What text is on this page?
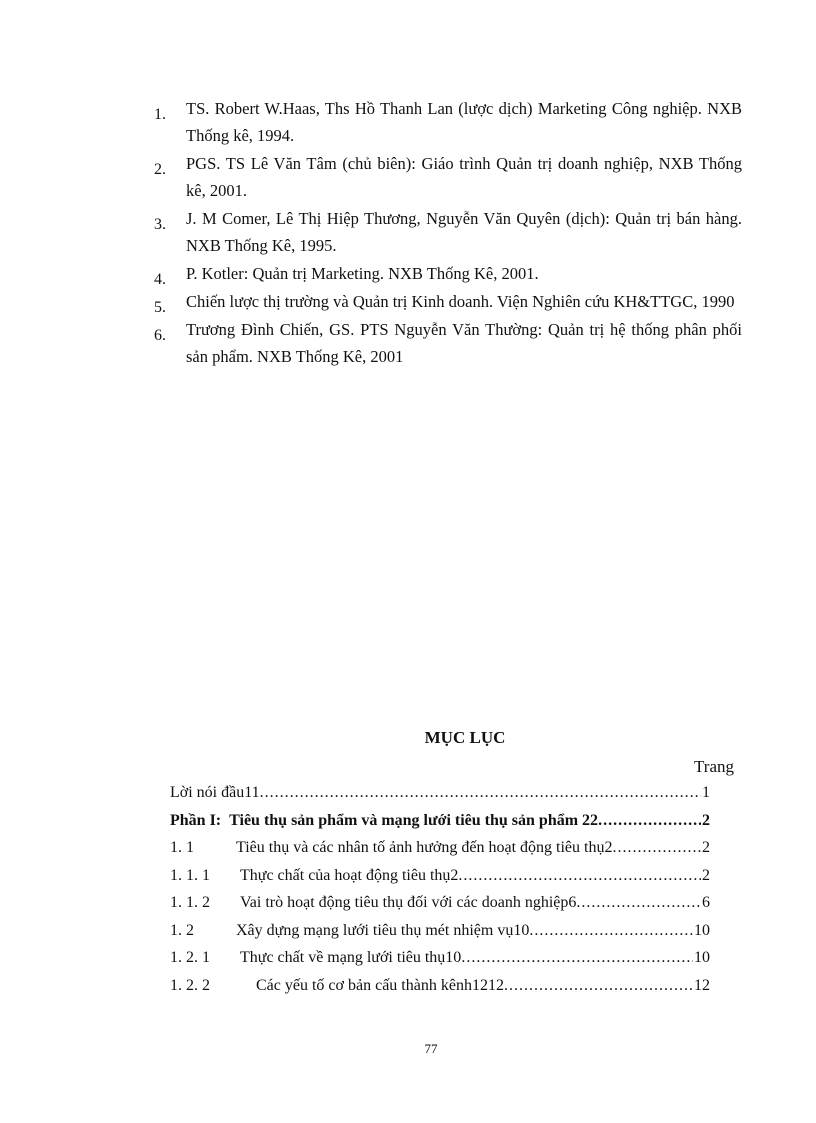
1. TS. Robert W.Haas, Ths Hồ Thanh Lan (lược dịch) Marketing Công nghiệp. NXB Thống kê, 1994.
2. PGS. TS Lê Văn Tâm (chủ biên): Giáo trình Quản trị doanh nghiệp, NXB Thống kê, 2001.
3. J. M Comer, Lê Thị Hiệp Thương, Nguyễn Văn Quyên (dịch): Quản trị bán hàng. NXB Thống Kê, 1995.
4. P. Kotler: Quản trị Marketing. NXB Thống Kê, 2001.
5. Chiến lược thị trường và Quản trị Kinh doanh. Viện Nghiên cứu KH&TTGC, 1990
6. Trương Đình Chiến, GS. PTS Nguyễn Văn Thường: Quản trị hệ thống phân phối sản phẩm. NXB Thống Kê, 2001
MỤC LỤC
Trang
Lời nói đầu11 .....	1
Phần I: Tiêu thụ sản phẩm và mạng lưới tiêu thụ sản phẩm 22 .....	2
1. 1	Tiêu thụ và các nhân tố ảnh hưởng đến hoạt động tiêu thụ2 .....	2
1. 1. 1	Thực chất của hoạt động tiêu thụ2 .....	2
1. 1. 2	Vai trò hoạt động tiêu thụ đối với các doanh nghiệp6 .....	6
1. 2	Xây dựng mạng lưới tiêu thụ mét nhiệm vụ10 .....	10
1. 2. 1	Thực chất về mạng lưới tiêu thụ10 .....	10
1. 2. 2	Các yếu tố cơ bản cấu thành kênh1212 .....	12
77
